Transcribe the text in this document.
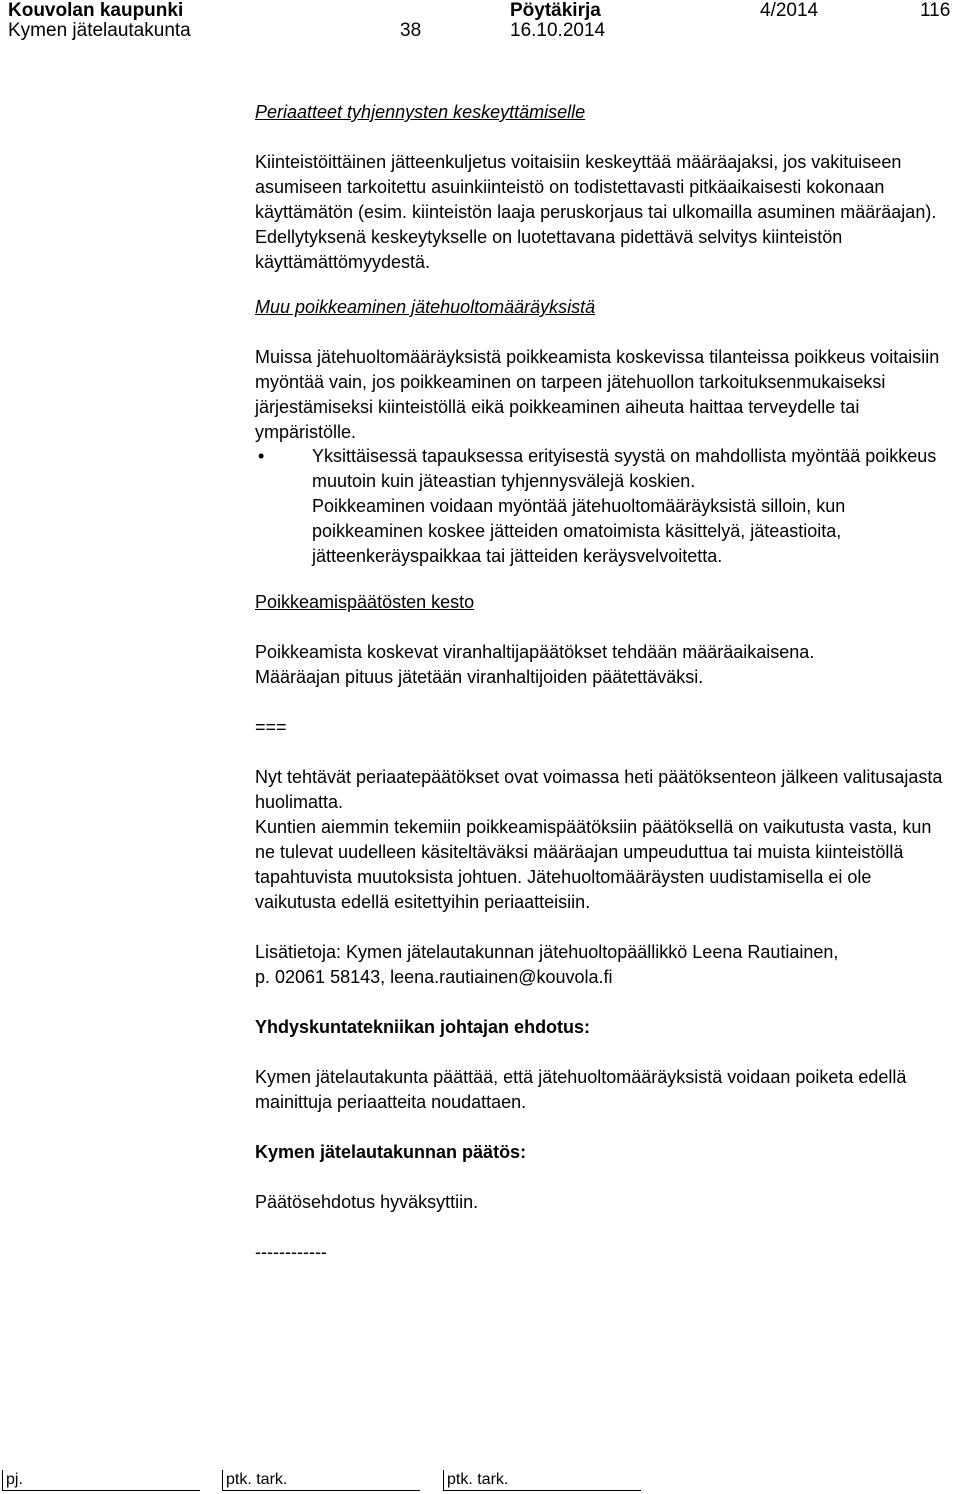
Kouvolan kaupunki	Pöytäkirja	4/2014	116
Kymen jätelautakunta	38	16.10.2014

Periaatteet tyhjennysten keskeyttämiselle

Kiinteistöittäinen jätteenkuljetus voitaisiin keskeyttää määräajaksi, jos vakituiseen asumiseen tarkoitettu asuinkiinteistö on todistettavasti pitkäaikaisesti kokonaan käyttämätön (esim. kiinteistön laaja peruskorjaus tai ulkomailla asuminen määräajan). Edellytyksenä keskeytykselle on luotettavana pidettävä selvitys kiinteistön käyttämättömyydestä.

Muu poikkeaminen jätehuoltomääräyksistä

Muissa jätehuoltomääräyksistä poikkeamista koskevissa tilanteissa poikkeus voitaisiin myöntää vain, jos poikkeaminen on tarpeen jätehuollon tarkoituksenmukaiseksi järjestämiseksi kiinteistöllä eikä poikkeaminen aiheuta haittaa terveydelle tai ympäristölle.

•	Yksittäisessä tapauksessa erityisestä syystä on mahdollista myöntää poikkeus muutoin kuin jäteastian tyhjennysvälejä koskien.

Poikkeaminen voidaan myöntää jätehuoltomääräyksistä silloin, kun poikkeaminen koskee jätteiden omatoimista käsittelyä, jäteastioita, jätteenkeräyspaikkaa tai jätteiden keräysvelvoitetta.

Poikkeamispäätösten kesto

Poikkeamista koskevat viranhaltijapäätökset tehdään määräaikaisena.

Määräajan pituus jätetään viranhaltijoiden päätettäväksi.

===

Nyt tehtävät periaatepäätökset ovat voimassa heti päätöksenteon jälkeen valitusajasta huolimatta.

Kuntien aiemmin tekemiin poikkeamispäätöksiin päätöksellä on vaikutusta vasta, kun ne tulevat uudelleen käsiteltäväksi määräajan umpeuduttua tai muista kiinteistöllä tapahtuvista muutoksista johtuen. Jätehuoltomääräysten uudistamisella ei ole vaikutusta edellä esitettyihin periaatteisiin.

Lisätietoja: Kymen jätelautakunnan jätehuoltopäällikkö Leena Rautiainen,

p. 02061 58143, leena.rautiainen@kouvola.fi

Yhdyskuntatekniikan johtajan ehdotus:

Kymen jätelautakunta päättää, että jätehuoltomääräyksistä voidaan poiketa edellä mainittuja periaatteita noudattaen.

Kymen jätelautakunnan päätös:

Päätösehdotus hyväksyttiin.

------------

pj.	ptk. tark.	ptk. tark.
